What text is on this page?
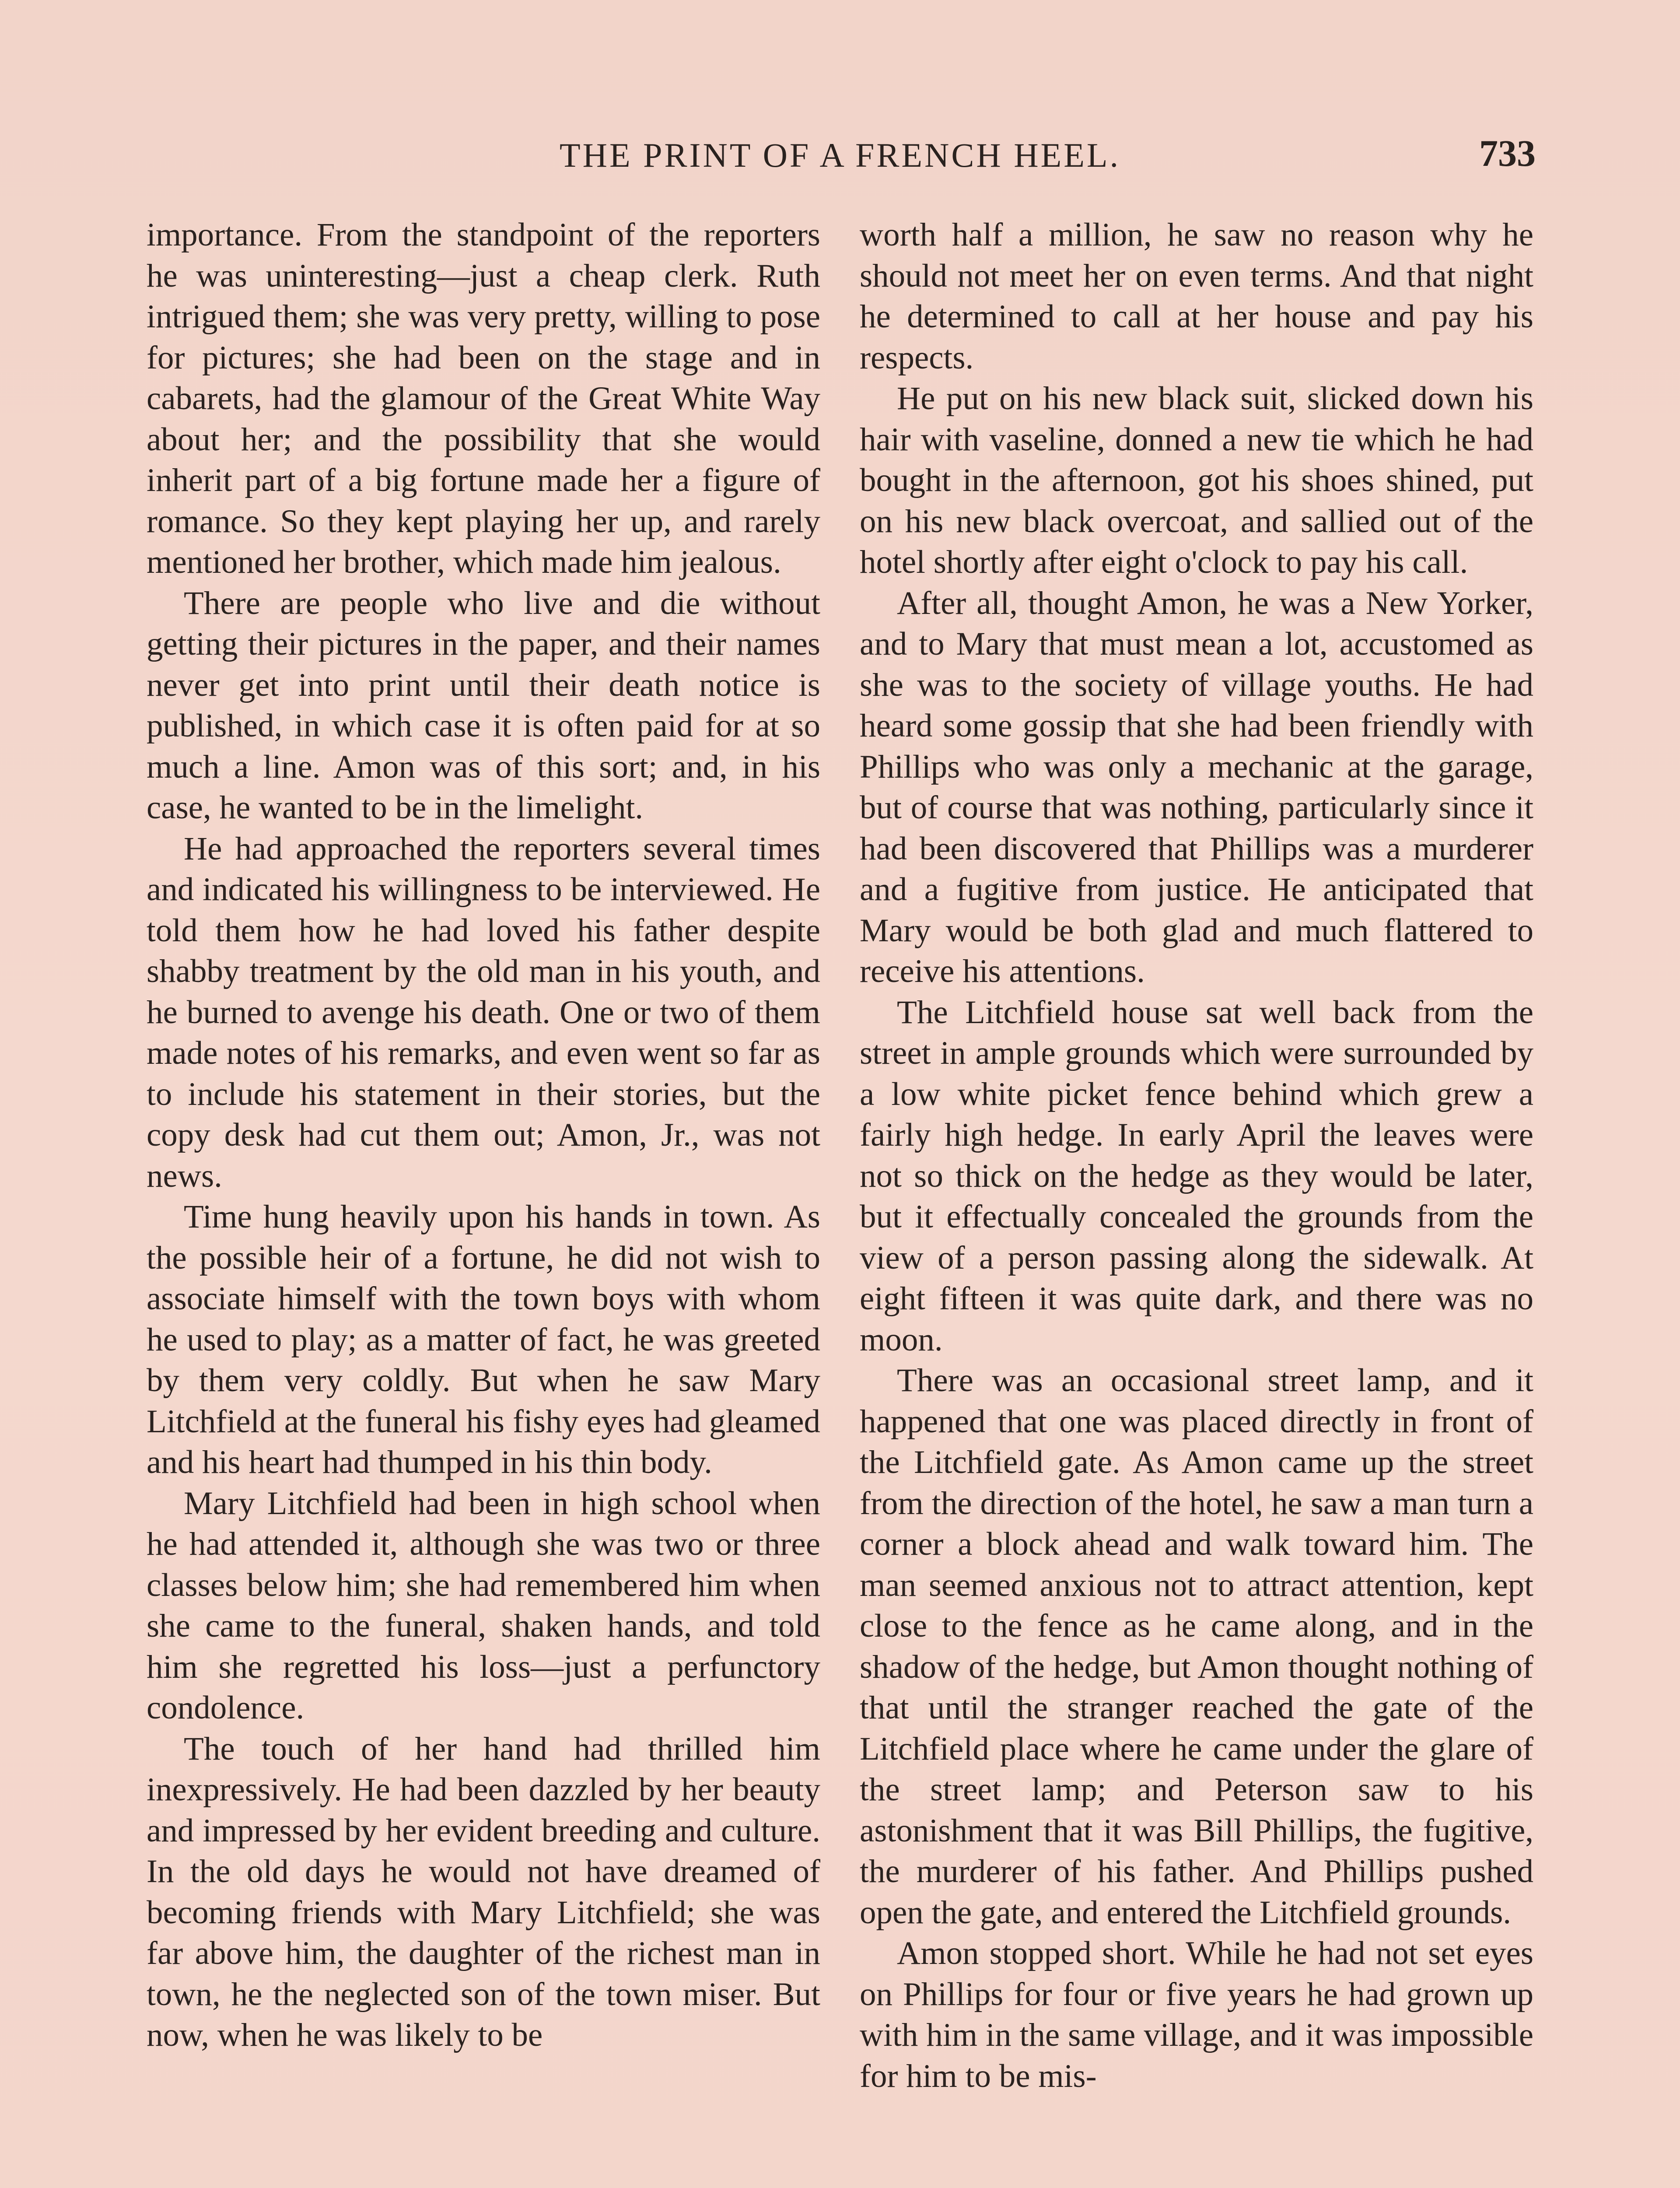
THE PRINT OF A FRENCH HEEL.	733

importance. From the standpoint of the reporters he was uninteresting—just a cheap clerk. Ruth intrigued them; she was very pretty, willing to pose for pictures; she had been on the stage and in cabarets, had the glamour of the Great White Way about her; and the possibility that she would inherit part of a big fortune made her a figure of romance. So they kept playing her up, and rarely mentioned her brother, which made him jealous.

There are people who live and die without getting their pictures in the paper, and their names never get into print until their death notice is published, in which case it is often paid for at so much a line. Amon was of this sort; and, in his case, he wanted to be in the limelight.

He had approached the reporters several times and indicated his willingness to be interviewed. He told them how he had loved his father despite shabby treatment by the old man in his youth, and he burned to avenge his death. One or two of them made notes of his remarks, and even went so far as to include his statement in their stories, but the copy desk had cut them out; Amon, Jr., was not news.

Time hung heavily upon his hands in town. As the possible heir of a fortune, he did not wish to associate himself with the town boys with whom he used to play; as a matter of fact, he was greeted by them very coldly. But when he saw Mary Litchfield at the funeral his fishy eyes had gleamed and his heart had thumped in his thin body.

Mary Litchfield had been in high school when he had attended it, although she was two or three classes below him; she had remembered him when she came to the funeral, shaken hands, and told him she regretted his loss—just a perfunctory condolence.

The touch of her hand had thrilled him inexpressively. He had been dazzled by her beauty and impressed by her evident breeding and culture. In the old days he would not have dreamed of becoming friends with Mary Litchfield; she was far above him, the daughter of the richest man in town, he the neglected son of the town miser. But now, when he was likely to be

worth half a million, he saw no reason why he should not meet her on even terms. And that night he determined to call at her house and pay his respects.

He put on his new black suit, slicked down his hair with vaseline, donned a new tie which he had bought in the afternoon, got his shoes shined, put on his new black overcoat, and sallied out of the hotel shortly after eight o'clock to pay his call.

After all, thought Amon, he was a New Yorker, and to Mary that must mean a lot, accustomed as she was to the society of village youths. He had heard some gossip that she had been friendly with Phillips who was only a mechanic at the garage, but of course that was nothing, particularly since it had been discovered that Phillips was a murderer and a fugitive from justice. He anticipated that Mary would be both glad and much flattered to receive his attentions.

The Litchfield house sat well back from the street in ample grounds which were surrounded by a low white picket fence behind which grew a fairly high hedge. In early April the leaves were not so thick on the hedge as they would be later, but it effectually concealed the grounds from the view of a person passing along the sidewalk. At eight fifteen it was quite dark, and there was no moon.

There was an occasional street lamp, and it happened that one was placed directly in front of the Litchfield gate. As Amon came up the street from the direction of the hotel, he saw a man turn a corner a block ahead and walk toward him. The man seemed anxious not to attract attention, kept close to the fence as he came along, and in the shadow of the hedge, but Amon thought nothing of that until the stranger reached the gate of the Litchfield place where he came under the glare of the street lamp; and Peterson saw to his astonishment that it was Bill Phillips, the fugitive, the murderer of his father. And Phillips pushed open the gate, and entered the Litchfield grounds.

Amon stopped short. While he had not set eyes on Phillips for four or five years he had grown up with him in the same village, and it was impossible for him to be mis-
